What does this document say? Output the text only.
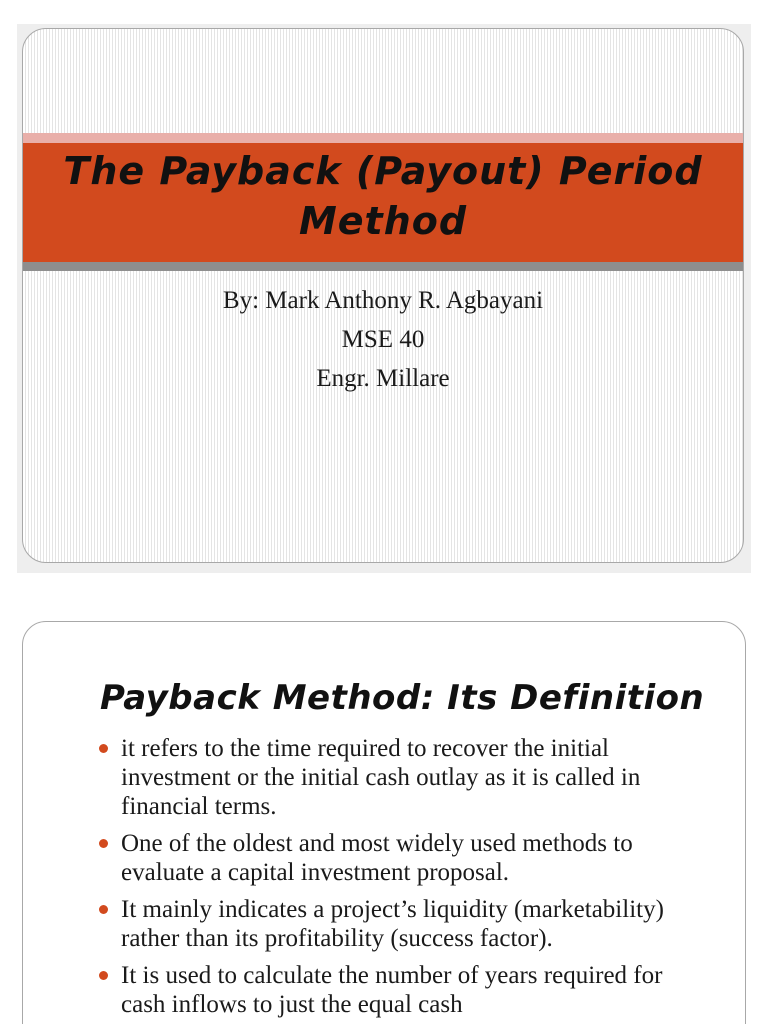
The Payback (Payout) Period
Method
By: Mark Anthony R. Agbayani
MSE 40
Engr. Millare
Payback Method: Its Definition
it refers to the time required to recover the initial investment or the initial cash outlay as it is called in financial terms.
One of the oldest and most widely used methods to evaluate a capital investment proposal.
It mainly indicates a project’s liquidity (marketability) rather than its profitability (success factor).
It is used to calculate the number of years required for cash inflows to just the equal cash
